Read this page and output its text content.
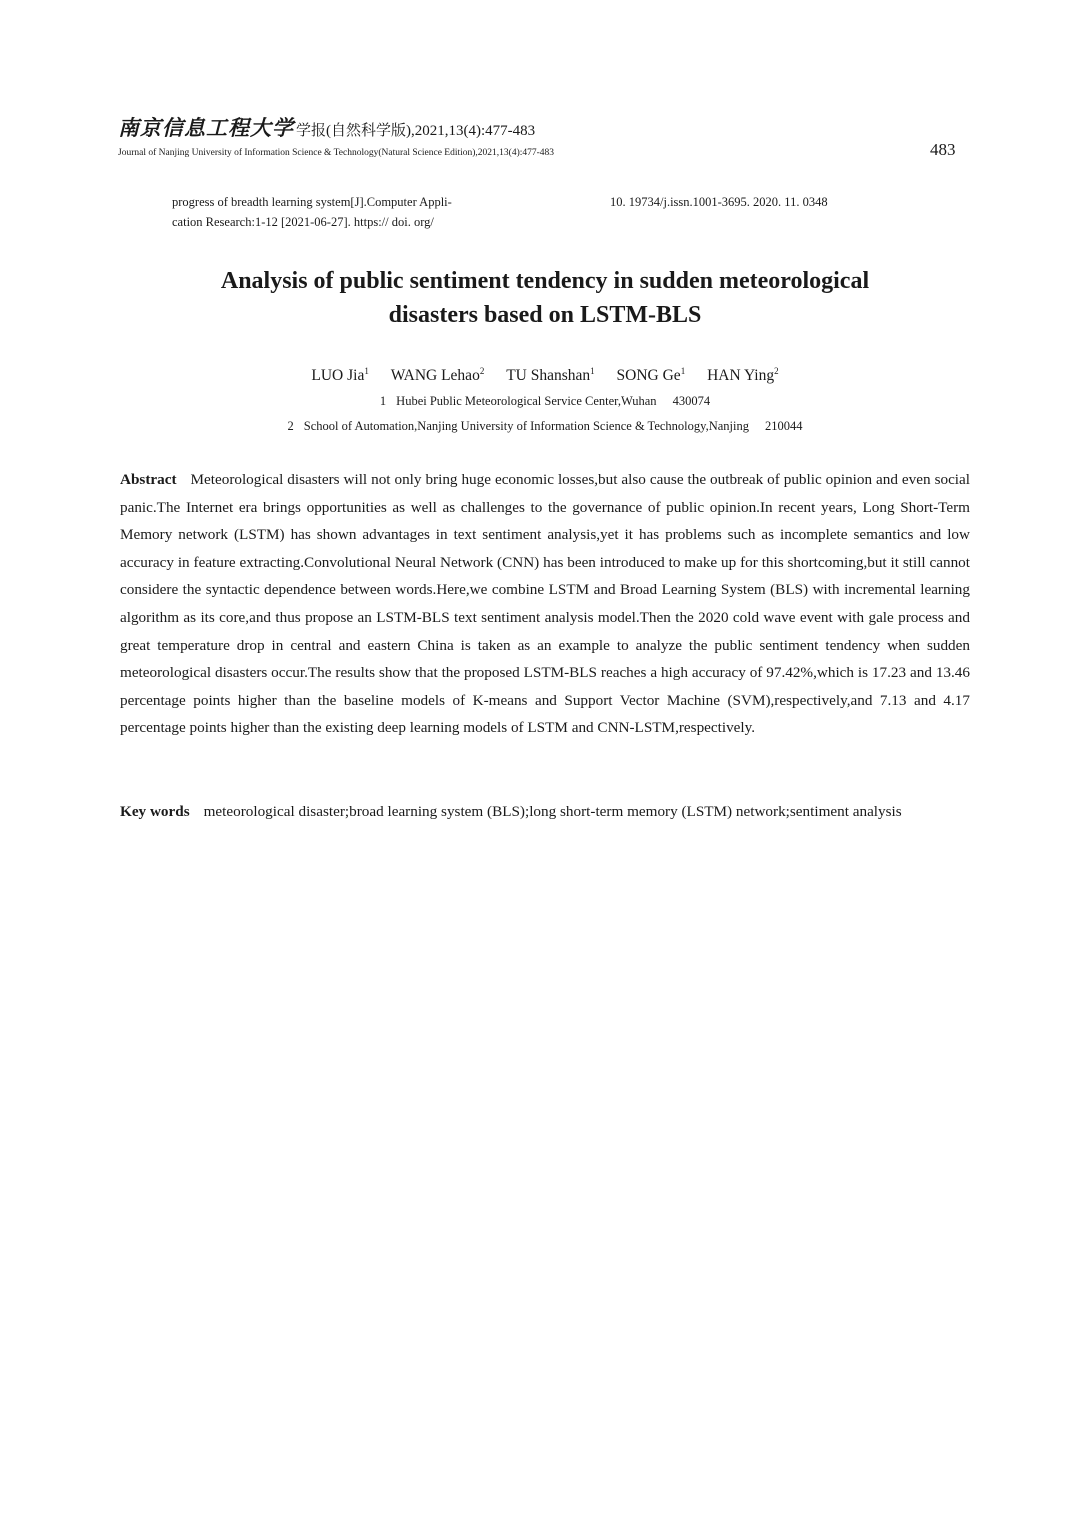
南京信息工程大学 学报(自然科学版),2021,13(4):477-483
Journal of Nanjing University of Information Science & Technology(Natural Science Edition),2021,13(4):477-483	483
progress of breadth learning system[J].Computer Appli-
cation Research:1-12 [2021-06-27]. https:// doi. org/
10. 19734/j.issn.1001-3695. 2020. 11. 0348
Analysis of public sentiment tendency in sudden meteorological
disasters based on LSTM-BLS
LUO Jia$^1$ WANG Lehao$^2$ TU Shanshan$^1$ SONG Ge$^1$ HAN Ying$^2$
1 Hubei Public Meteorological Service Center,Wuhan 430074
2 School of Automation,Nanjing University of Information Science & Technology,Nanjing 210044
Abstract Meteorological disasters will not only bring huge economic losses,but also cause the outbreak of public opinion and even social panic.The Internet era brings opportunities as well as challenges to the governance of public opinion.In recent years, Long Short-Term Memory network (LSTM) has shown advantages in text sentiment analysis,yet it has problems such as incomplete semantics and low accuracy in feature extracting.Convolutional Neural Network (CNN) has been introduced to make up for this shortcoming,but it still cannot considere the syntactic dependence between words.Here,we combine LSTM and Broad Learning System (BLS) with incremental learning algorithm as its core,and thus propose an LSTM-BLS text sentiment analysis model.Then the 2020 cold wave event with gale process and great temperature drop in central and eastern China is taken as an example to analyze the public sentiment tendency when sudden meteorological disasters occur.The results show that the proposed LSTM-BLS reaches a high accuracy of 97.42%,which is 17.23 and 13.46 percentage points higher than the baseline models of K-means and Support Vector Machine (SVM),respectively,and 7.13 and 4.17 percentage points higher than the existing deep learning models of LSTM and CNN-LSTM,respectively.
Key words meteorological disaster;broad learning system (BLS);long short-term memory (LSTM) network;sentiment analysis
